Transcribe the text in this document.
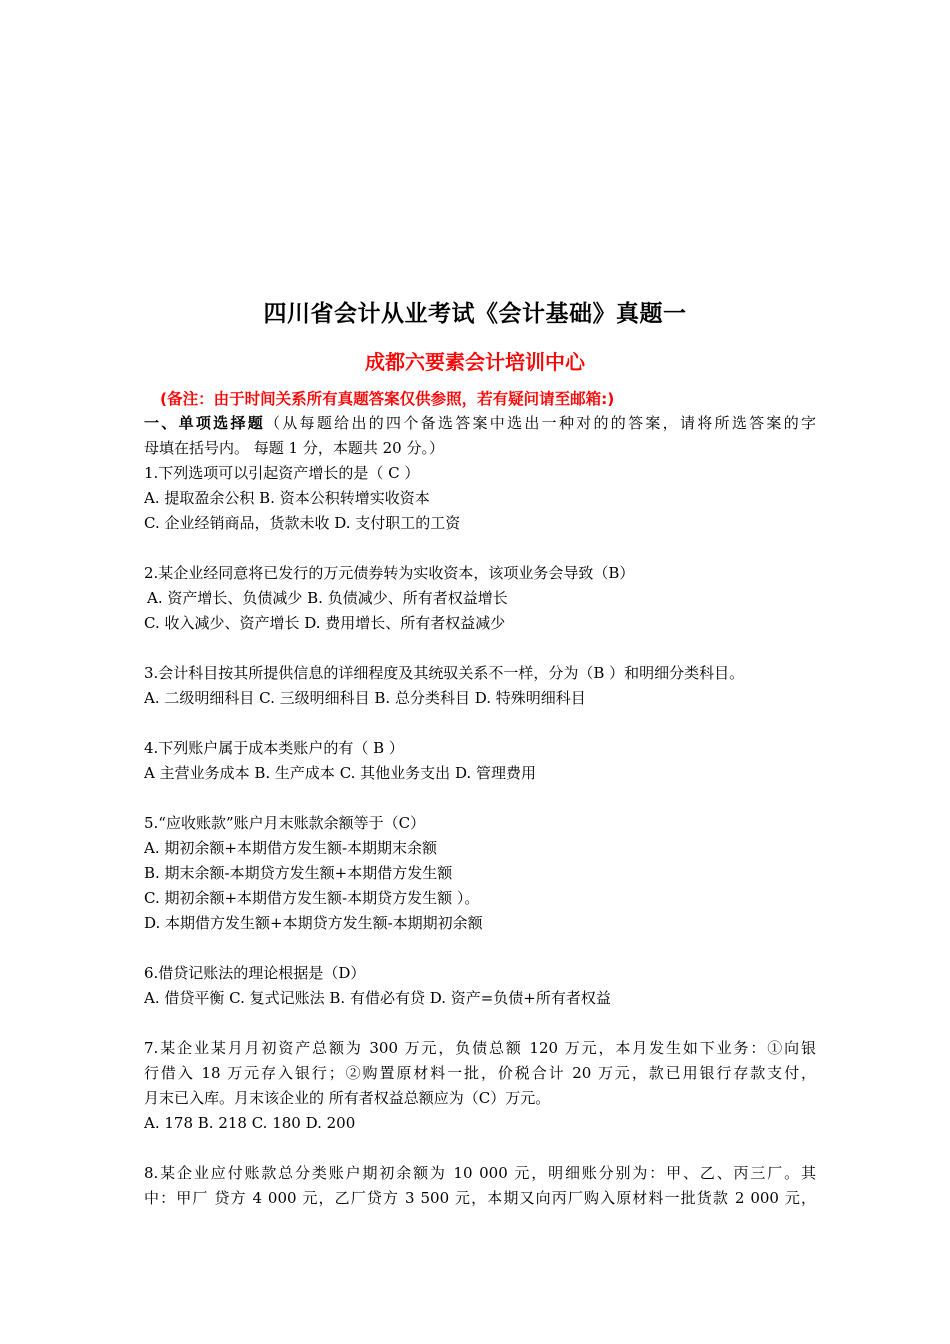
四川省会计从业考试《会计基础》真题一
成都六要素会计培训中心
(备注：由于时间关系所有真题答案仅供参照，若有疑问请至邮箱:)
一、单项选择题（从每题给出的四个备选答案中选出一种对的的答案，请将所选答案的字
母填在括号内。 每题 1 分，本题共 20 分。）
1.下列选项可以引起资产增长的是（ C ）
A. 提取盈余公积 B. 资本公积转增实收资本
C. 企业经销商品，货款未收 D. 支付职工的工资
2.某企业经同意将已发行的万元债券转为实收资本，该项业务会导致（B）
A. 资产增长、负债减少 B. 负债减少、所有者权益增长
C. 收入减少、资产增长 D. 费用增长、所有者权益减少
3.会计科目按其所提供信息的详细程度及其统驭关系不一样，分为（B ）和明细分类科目。
A. 二级明细科目 C. 三级明细科目 B. 总分类科目 D. 特殊明细科目
4.下列账户属于成本类账户的有（ B ）
A 主营业务成本 B. 生产成本 C. 其他业务支出 D. 管理费用
5.“应收账款”账户月末账款余额等于（C）
A. 期初余额+本期借方发生额-本期期末余额
B. 期末余额-本期贷方发生额+本期借方发生额
C. 期初余额+本期借方发生额-本期贷方发生额 ）。
D. 本期借方发生额+本期贷方发生额-本期期初余额
6.借贷记账法的理论根据是（D）
A. 借贷平衡 C. 复式记账法 B. 有借必有贷 D. 资产=负债+所有者权益
7.某企业某月月初资产总额为 300 万元，负债总额 120 万元，本月发生如下业务：①向银
行借入 18 万元存入银行；②购置原材料一批，价税合计 20 万元，款已用银行存款支付，
月末已入库。月末该企业的 所有者权益总额应为（C）万元。
A. 178 B. 218 C. 180 D. 200
8.某企业应付账款总分类账户期初余额为 10 000 元，明细账分别为：甲、乙、丙三厂。其
中：甲厂 贷方 4 000 元，乙厂贷方 3 500 元，本期又向丙厂购入原材料一批货款 2 000 元，
